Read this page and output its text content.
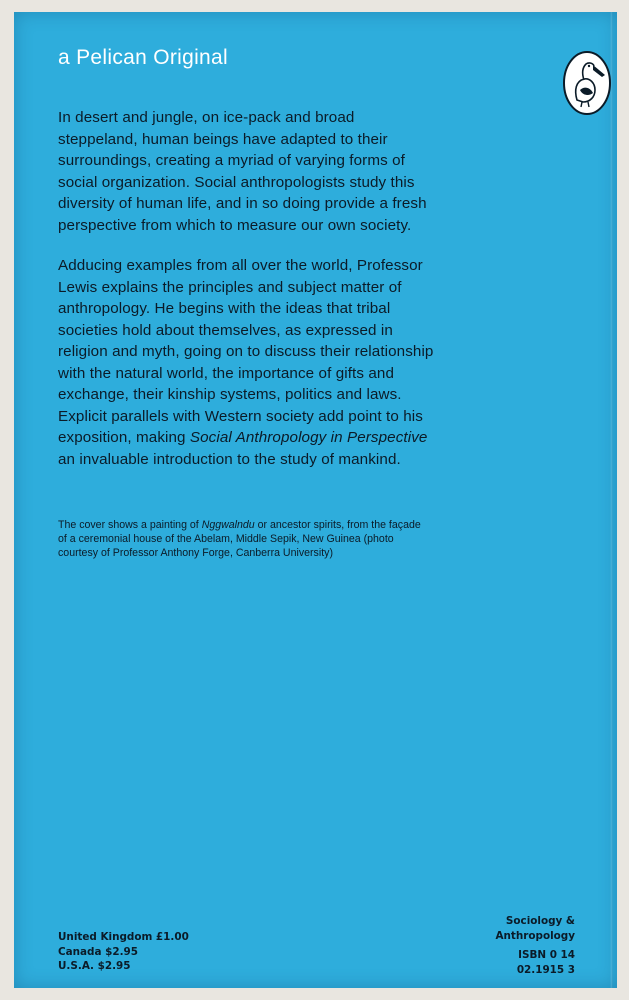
a Pelican Original

In desert and jungle, on ice-pack and broad steppeland, human beings have adapted to their surroundings, creating a myriad of varying forms of social organization. Social anthropologists study this diversity of human life, and in so doing provide a fresh perspective from which to measure our own society.

Adducing examples from all over the world, Professor Lewis explains the principles and subject matter of anthropology. He begins with the ideas that tribal societies hold about themselves, as expressed in religion and myth, going on to discuss their relationship with the natural world, the importance of gifts and exchange, their kinship systems, politics and laws. Explicit parallels with Western society add point to his exposition, making Social Anthropology in Perspective an invaluable introduction to the study of mankind.

The cover shows a painting of Nggwalndu or ancestor spirits, from the façade of a ceremonial house of the Abelam, Middle Sepik, New Guinea (photo courtesy of Professor Anthony Forge, Canberra University)
United Kingdom £1.00
Canada $2.95
U.S.A. $2.95
Sociology &
Anthropology
ISBN 0 14
02.1915 3
